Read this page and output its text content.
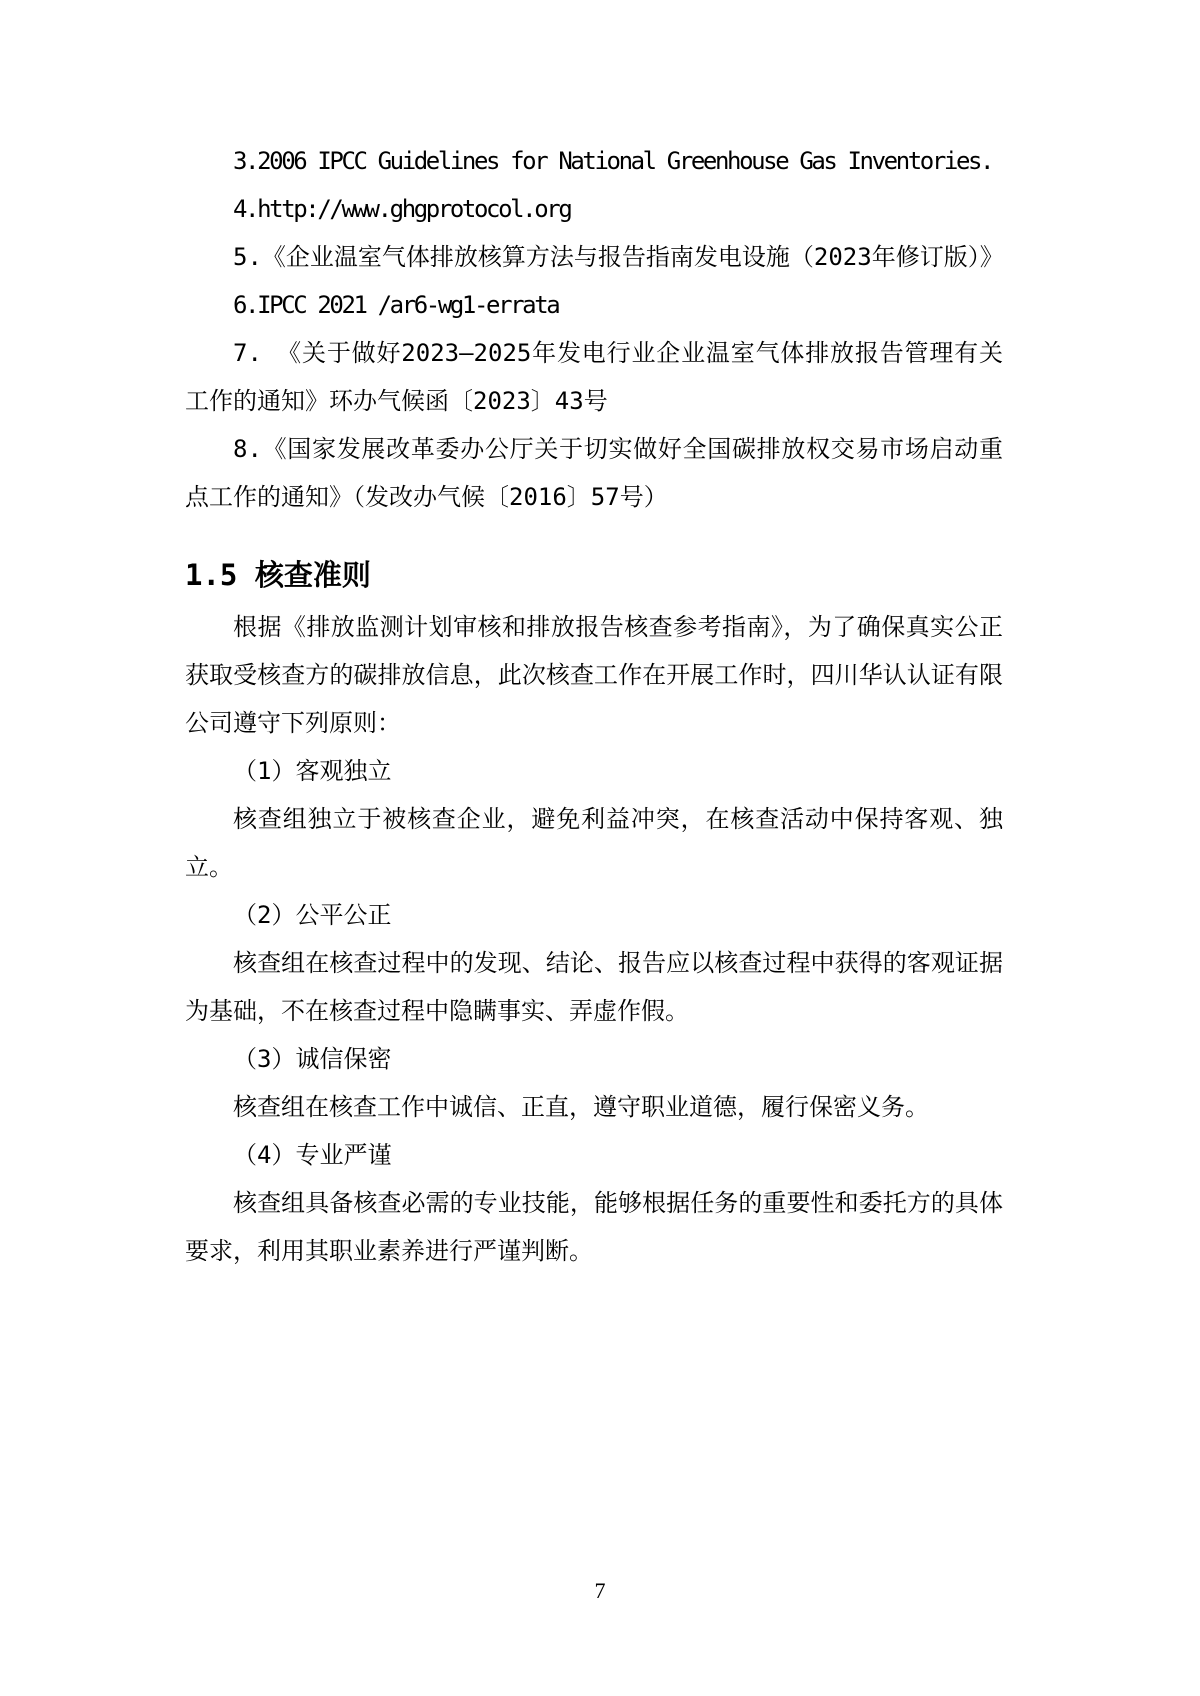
3.2006 IPCC Guidelines for National Greenhouse Gas Inventories.

4.http://www.ghgprotocol.org

5.《企业温室气体排放核算方法与报告指南发电设施（2023年修订版）》

6.IPCC 2021 /ar6-wg1-errata

7. 《关于做好2023—2025年发电行业企业温室气体排放报告管理有关工作的通知》环办气候函〔2023〕43号

8.《国家发展改革委办公厅关于切实做好全国碳排放权交易市场启动重点工作的通知》（发改办气候〔2016〕57号）

1.5 核查准则

根据《排放监测计划审核和排放报告核查参考指南》，为了确保真实公正获取受核查方的碳排放信息，此次核查工作在开展工作时，四川华认认证有限公司遵守下列原则：

（1）客观独立

核查组独立于被核查企业，避免利益冲突，在核查活动中保持客观、独立。

（2）公平公正

核查组在核查过程中的发现、结论、报告应以核查过程中获得的客观证据为基础，不在核查过程中隐瞒事实、弄虚作假。

（3）诚信保密

核查组在核查工作中诚信、正直，遵守职业道德，履行保密义务。

（4）专业严谨

核查组具备核查必需的专业技能，能够根据任务的重要性和委托方的具体要求，利用其职业素养进行严谨判断。

7
